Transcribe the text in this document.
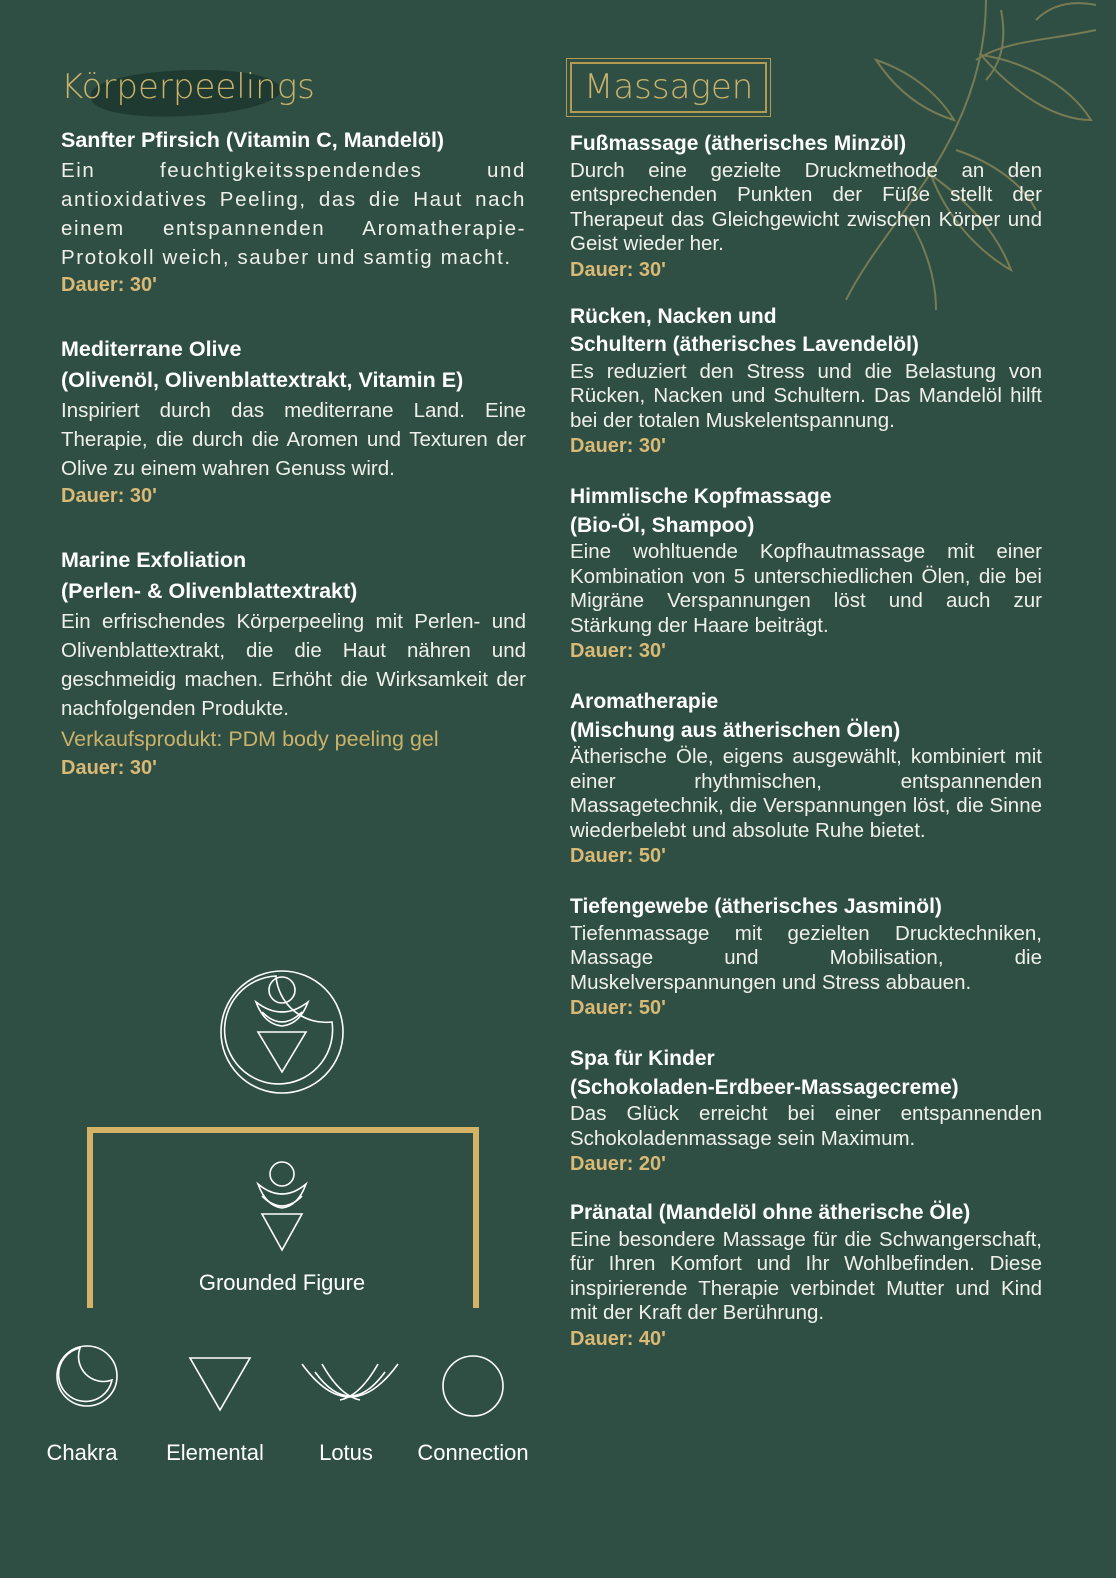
Körperpeelings
Sanfter Pfirsich (Vitamin C, Mandelöl)

Ein feuchtigkeitsspendendes und antioxidatives Peeling, das die Haut nach einem entspannenden Aromatherapie-Protokoll weich, sauber und samtig macht.

Dauer: 30'
Mediterrane Olive
(Olivenöl, Olivenblattextrakt, Vitamin E)

Inspiriert durch das mediterrane Land. Eine Therapie, die durch die Aromen und Texturen der Olive zu einem wahren Genuss wird.

Dauer: 30'
Marine Exfoliation
(Perlen- & Olivenblattextrakt)

Ein erfrischendes Körperpeeling mit Perlen- und Olivenblattextrakt, die die Haut nähren und geschmeidig machen. Erhöht die Wirksamkeit der nachfolgenden Produkte.

Verkaufsprodukt: PDM body peeling gel
Dauer: 30'
Grounded Figure
Chakra	Elemental	Lotus	Connection
Massagen
Fußmassage (ätherisches Minzöl)

Durch eine gezielte Druckmethode an den entsprechenden Punkten der Füße stellt der Therapeut das Gleichgewicht zwischen Körper und Geist wieder her.

Dauer: 30'
Rücken, Nacken und
Schultern (ätherisches Lavendelöl)

Es reduziert den Stress und die Belastung von Rücken, Nacken und Schultern. Das Mandelöl hilft bei der totalen Muskelentspannung.

Dauer: 30'
Himmlische Kopfmassage
(Bio-Öl, Shampoo)

Eine wohltuende Kopfhautmassage mit einer Kombination von 5 unterschiedlichen Ölen, die bei Migräne Verspannungen löst und auch zur Stärkung der Haare beiträgt.

Dauer: 30'
Aromatherapie
(Mischung aus ätherischen Ölen)

Ätherische Öle, eigens ausgewählt, kombiniert mit einer rhythmischen, entspannenden Massagetechnik, die Verspannungen löst, die Sinne wiederbelebt und absolute Ruhe bietet.

Dauer: 50'
Tiefengewebe (ätherisches Jasminöl)

Tiefenmassage mit gezielten Drucktechniken, Massage und Mobilisation, die Muskelverspannungen und Stress abbauen.

Dauer: 50'
Spa für Kinder
(Schokoladen-Erdbeer-Massagecreme)

Das Glück erreicht bei einer entspannenden Schokoladenmassage sein Maximum.

Dauer: 20'
Pränatal (Mandelöl ohne ätherische Öle)

Eine besondere Massage für die Schwangerschaft, für Ihren Komfort und Ihr Wohlbefinden. Diese inspirierende Therapie verbindet Mutter und Kind mit der Kraft der Berührung.

Dauer: 40'
